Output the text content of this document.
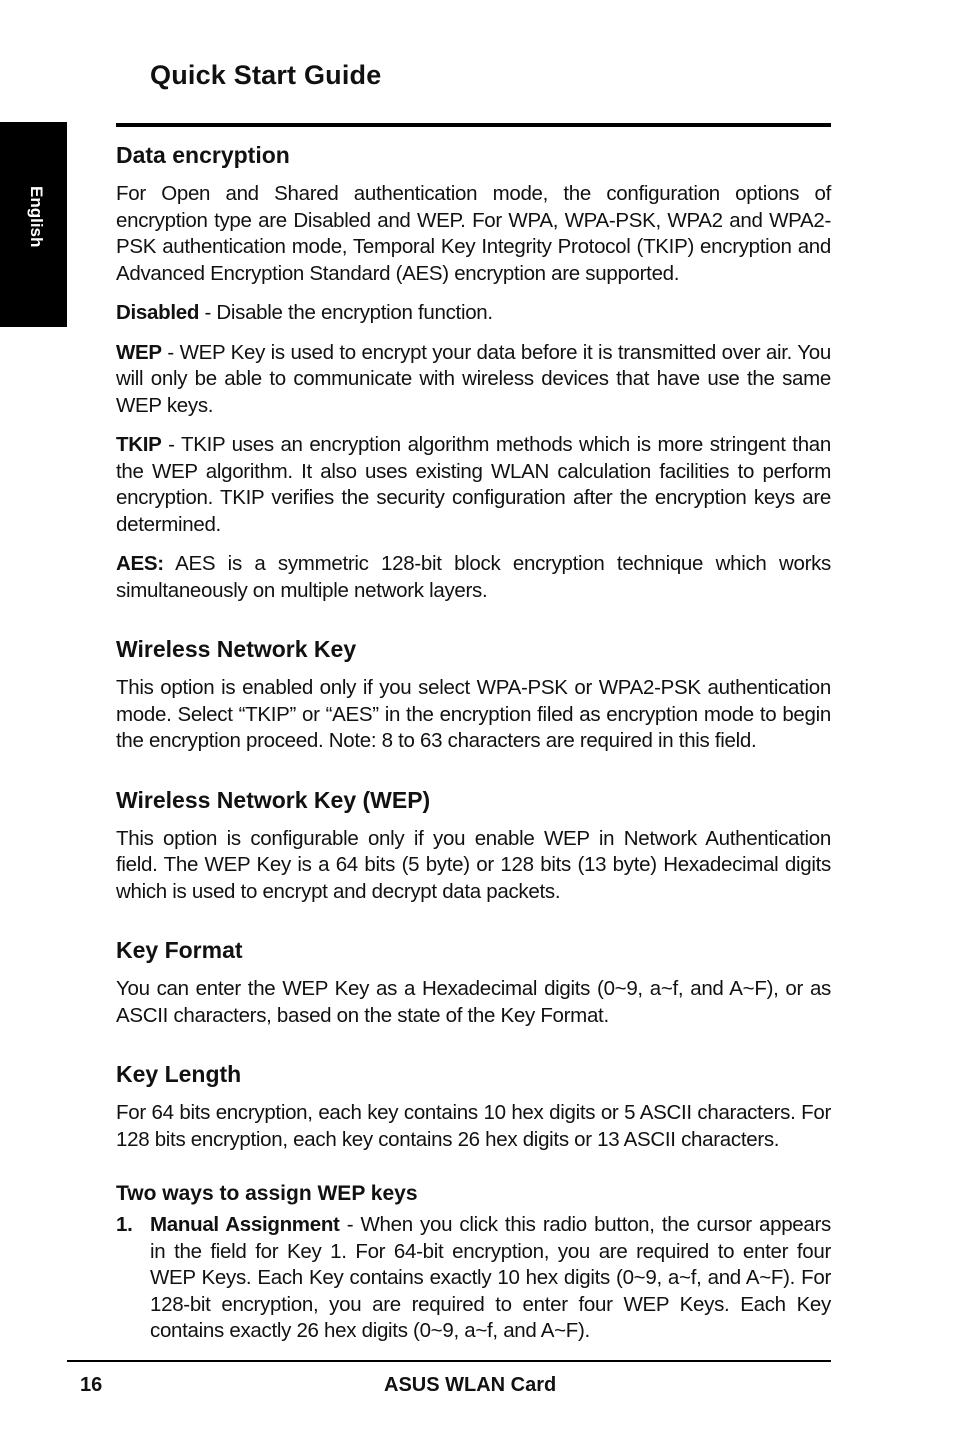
Quick Start Guide
English
Data encryption

For Open and Shared authentication mode, the configuration options of encryption type are Disabled and WEP. For WPA, WPA-PSK, WPA2 and WPA2-PSK authentication mode, Temporal Key Integrity Protocol (TKIP) encryption and Advanced Encryption Standard (AES) encryption are supported.

Disabled - Disable the encryption function.

WEP - WEP Key is used to encrypt your data before it is transmitted over air. You will only be able to communicate with wireless devices that have use the same WEP keys.

TKIP - TKIP uses an encryption algorithm methods which is more stringent than the WEP algorithm. It also uses existing WLAN calculation facilities to perform encryption. TKIP verifies the security configuration after the encryption keys are determined.

AES: AES is a symmetric 128-bit block encryption technique which works simultaneously on multiple network layers.

Wireless Network Key

This option is enabled only if you select WPA-PSK or WPA2-PSK authentication mode. Select “TKIP” or “AES” in the encryption filed as encryption mode to begin the encryption proceed. Note: 8 to 63 characters are required in this field.

Wireless Network Key (WEP)

This option is configurable only if you enable WEP in Network Authentication field. The WEP Key is a 64 bits (5 byte) or 128 bits (13 byte) Hexadecimal digits which is used to encrypt and decrypt data packets.

Key Format

You can enter the WEP Key as a Hexadecimal digits (0~9, a~f, and A~F), or as ASCII characters, based on the state of the Key Format.

Key Length

For 64 bits encryption, each key contains 10 hex digits or 5 ASCII characters. For 128 bits encryption, each key contains 26 hex digits or 13 ASCII characters.

Two ways to assign WEP keys
1. Manual Assignment - When you click this radio button, the cursor appears in the field for Key 1. For 64-bit encryption, you are required to enter four WEP Keys. Each Key contains exactly 10 hex digits (0~9, a~f, and A~F). For 128-bit encryption, you are required to enter four WEP Keys. Each Key contains exactly 26 hex digits (0~9, a~f, and A~F).
16	ASUS WLAN Card
